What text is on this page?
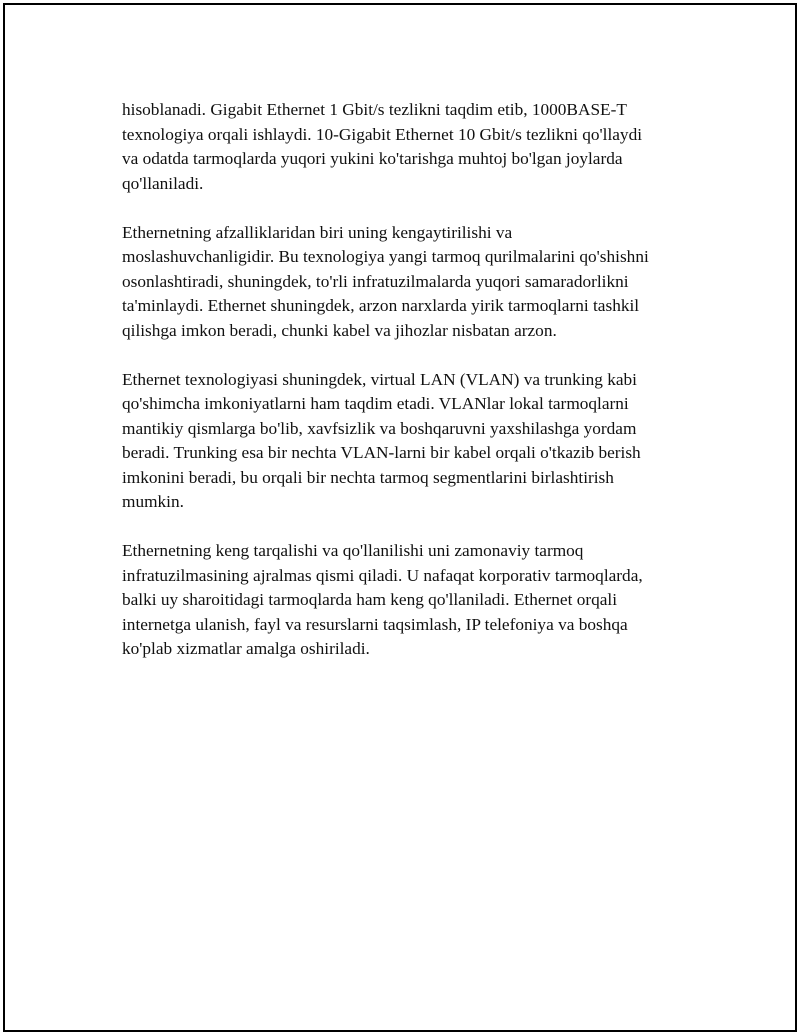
hisoblanadi. Gigabit Ethernet 1 Gbit/s tezlikni taqdim etib, 1000BASE-T
texnologiya orqali ishlaydi. 10-Gigabit Ethernet 10 Gbit/s tezlikni qo'llaydi
va odatda tarmoqlarda yuqori yukini ko'tarishga muhtoj bo'lgan joylarda
qo'llaniladi.

Ethernetning afzalliklaridan biri uning kengaytirilishi va
moslashuvchanligidir. Bu texnologiya yangi tarmoq qurilmalarini qo'shishni
osonlashtiradi, shuningdek, to'rli infratuzilmalarda yuqori samaradorlikni
ta'minlaydi. Ethernet shuningdek, arzon narxlarda yirik tarmoqlarni tashkil
qilishga imkon beradi, chunki kabel va jihozlar nisbatan arzon.

Ethernet texnologiyasi shuningdek, virtual LAN (VLAN) va trunking kabi
qo'shimcha imkoniyatlarni ham taqdim etadi. VLANlar lokal tarmoqlarni
mantikiy qismlarga bo'lib, xavfsizlik va boshqaruvni yaxshilashga yordam
beradi. Trunking esa bir nechta VLAN-larni bir kabel orqali o'tkazib berish
imkonini beradi, bu orqali bir nechta tarmoq segmentlarini birlashtirish
mumkin.

Ethernetning keng tarqalishi va qo'llanilishi uni zamonaviy tarmoq
infratuzilmasining ajralmas qismi qiladi. U nafaqat korporativ tarmoqlarda,
balki uy sharoitidagi tarmoqlarda ham keng qo'llaniladi. Ethernet orqali
internetga ulanish, fayl va resurslarni taqsimlash, IP telefoniya va boshqa
ko'plab xizmatlar amalga oshiriladi.
